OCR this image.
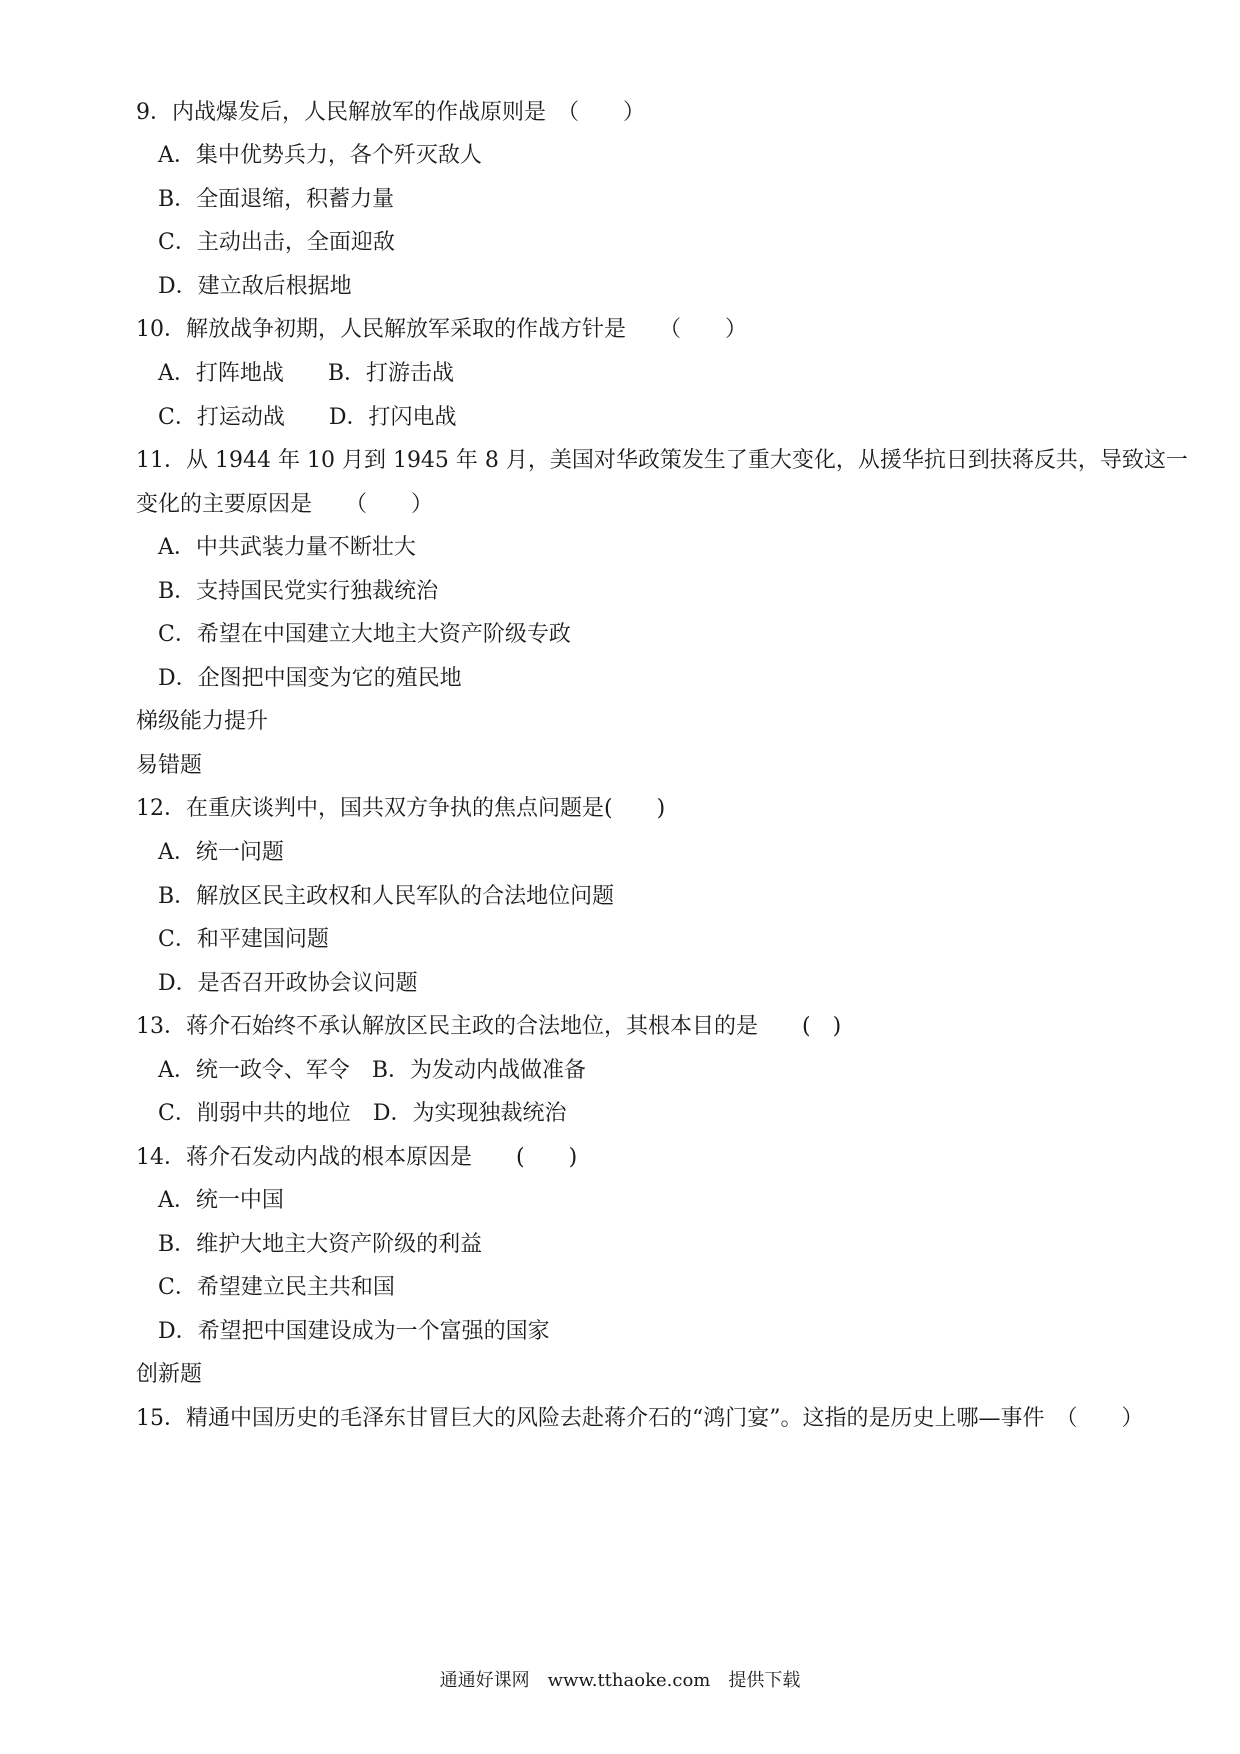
9．内战爆发后，人民解放军的作战原则是　（　　）
A．集中优势兵力，各个歼灭敌人
B．全面退缩，积蓄力量
C．主动出击，全面迎敌
D．建立敌后根据地
10．解放战争初期，人民解放军采取的作战方针是　　（　　）
A．打阵地战　　B．打游击战
C．打运动战　　D．打闪电战
11．从 1944 年 10 月到 1945 年 8 月，美国对华政策发生了重大变化，从援华抗日到扶蒋反共，导致这一
变化的主要原因是　　（　　）
A．中共武装力量不断壮大
B．支持国民党实行独裁统治
C．希望在中国建立大地主大资产阶级专政
D．企图把中国变为它的殖民地
梯级能力提升
易错题
12．在重庆谈判中，国共双方争执的焦点问题是(　　)
A．统一问题
B．解放区民主政权和人民军队的合法地位问题
C．和平建国问题
D．是否召开政协会议问题
13．蒋介石始终不承认解放区民主政的合法地位，其根本目的是　　(　)
A．统一政令、军令　B．为发动内战做准备
C．削弱中共的地位　D．为实现独裁统治
14．蒋介石发动内战的根本原因是　　(　　)
A．统一中国
B．维护大地主大资产阶级的利益
C．希望建立民主共和国
D．希望把中国建设成为一个富强的国家
创新题
15．精通中国历史的毛泽东甘冒巨大的风险去赴蒋介石的“鸿门宴”。这指的是历史上哪—事件　（　　）
通通好课网　www.tthaoke.com　提供下载
